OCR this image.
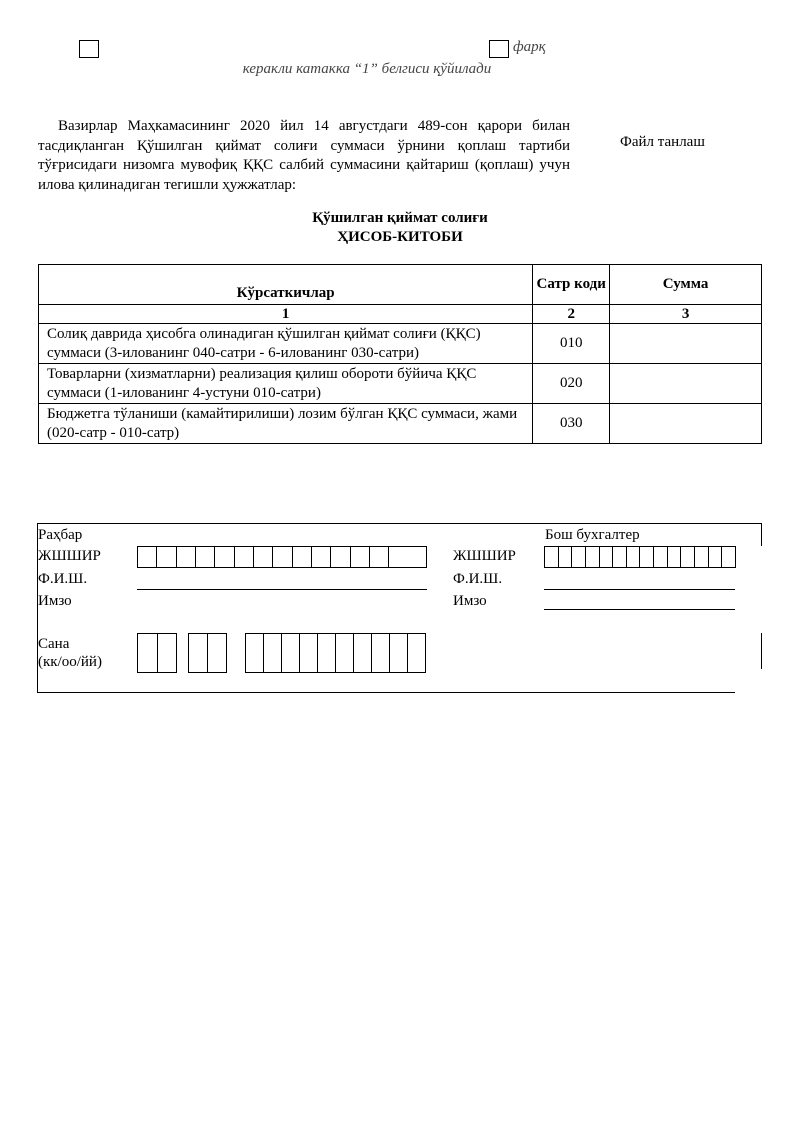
фарқ
керакли катакка “1” белгиси қўйилади
Вазирлар Маҳкамасининг 2020 йил 14 августдаги 489-сон қарори билан тасдиқланган Қўшилган қиймат солиғи суммаси ўрнини қоплаш тартиби тўғрисидаги низомга мувофиқ ҚҚС салбий суммасини қайтариш (қоплаш) учун илова қилинадиган тегишли ҳужжатлар:
Файл танлаш
Қўшилган қиймат солиғи
ҲИСОБ-КИТОБИ
Кўрсаткичлар	Сатр коди	Сумма
1	2	3
Солиқ даврида ҳисобга олинадиган қўшилган қиймат солиғи (ҚҚС) суммаси (3-илованинг 040-сатри - 6-илованинг 030-сатри)	010	
Товарларни (хизматларни) реализация қилиш обороти бўйича ҚҚС суммаси (1-илованинг 4-устуни 010-сатри)	020	
Бюджетга тўланиши (камайтирилиши) лозим бўлган ҚҚС суммаси, жами (020-сатр - 010-сатр)	030	
Раҳбар	Бош бухгалтер
ЖШШИР	ЖШШИР
Ф.И.Ш.	Ф.И.Ш.
Имзо	Имзо
Сана
(кк/оо/йй)
